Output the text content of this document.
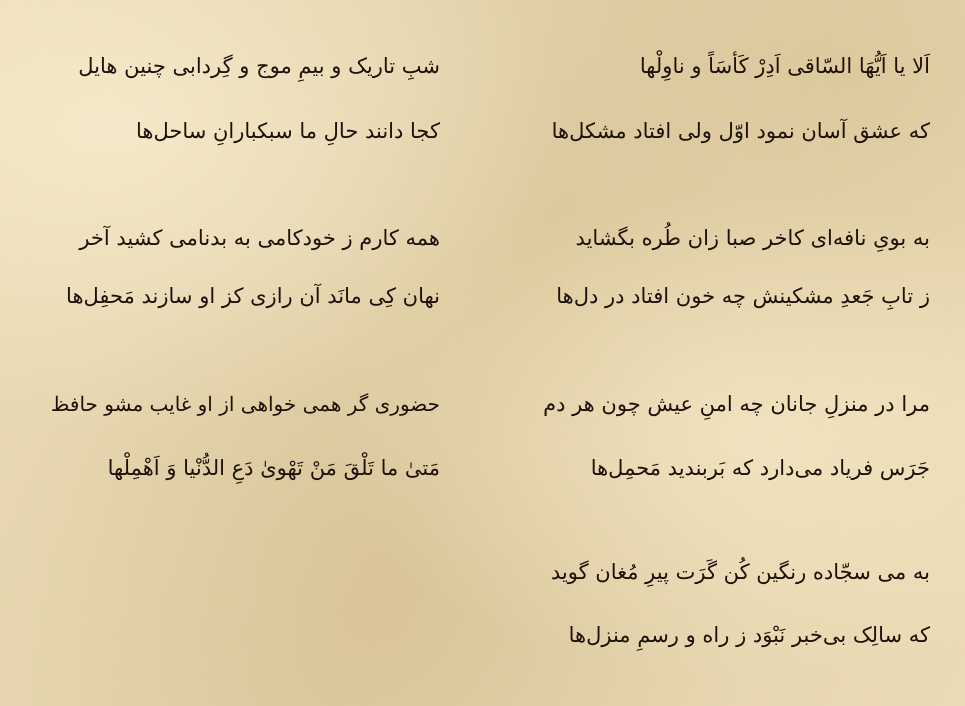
اَلا یا اَیُّهَا السّاقی اَدِرْ کَأسَاً و ناوِلْها
که عشق آسان نمود اوّل ولی افتاد مشکل‌ها
به بویِ نافه‌ای کاخر صبا زان طُره بگشاید
ز تابِ جَعدِ مشکینش چه خون افتاد در دل‌ها
مرا در منزلِ جانان چه امنِ عیش چون هر دم
جَرَس فریاد می‌دارد که بَربندید مَحمِل‌ها
به می سجّاده رنگین کُن گَرَت پیرِ مُغان گوید
که سالِک بی‌خبر نَبْوَد ز راه و رسمِ منزل‌ها
شبِ تاریک و بیمِ موج و گِردابی چنین هایل
کجا دانند حالِ ما سبکبارانِ ساحل‌ها
همه کارم ز خودکامی به بدنامی کشید آخر
نهان کِی مانَد آن رازی کز او سازند مَحفِل‌ها
حضوری گر همی خواهی از او غایب مشو حافظ
مَتیٰ ما تَلْقَ مَنْ تَهْویٰ دَعِ الدُّنْیا وَ اَهْمِلْها
